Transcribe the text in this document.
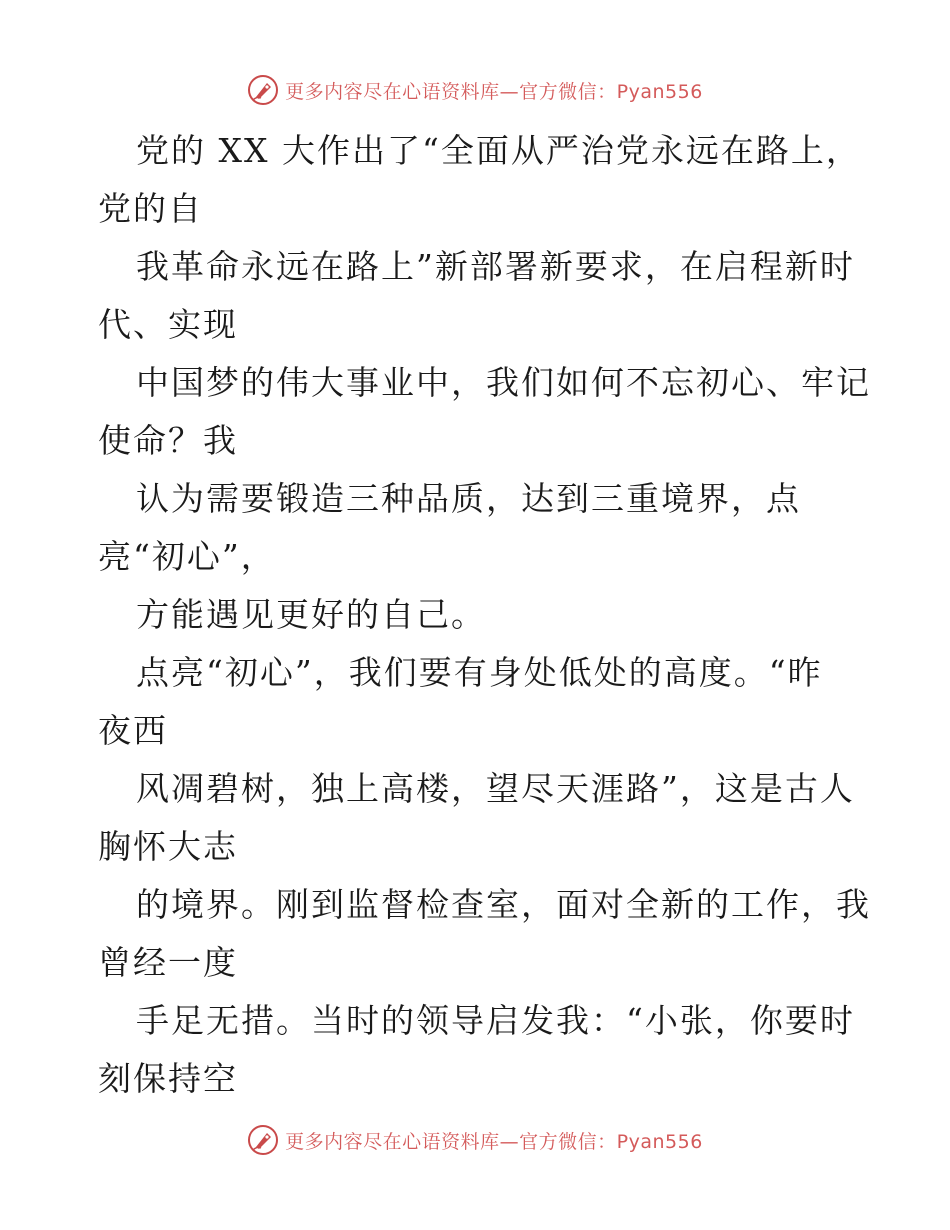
更多内容尽在心语资料库—官方微信：Pyan556
党的 XX 大作出了“全面从严治党永远在路上，
党的自
我革命永远在路上”新部署新要求，在启程新时
代、实现
中国梦的伟大事业中，我们如何不忘初心、牢记
使命？我
认为需要锻造三种品质，达到三重境界，点
亮“初心”，
方能遇见更好的自己。
点亮“初心”，我们要有身处低处的高度。“昨
夜西
风凋碧树，独上高楼，望尽天涯路”，这是古人
胸怀大志
的境界。刚到监督检查室，面对全新的工作，我
曾经一度
手足无措。当时的领导启发我：“小张，你要时
刻保持空
更多内容尽在心语资料库—官方微信：Pyan556
